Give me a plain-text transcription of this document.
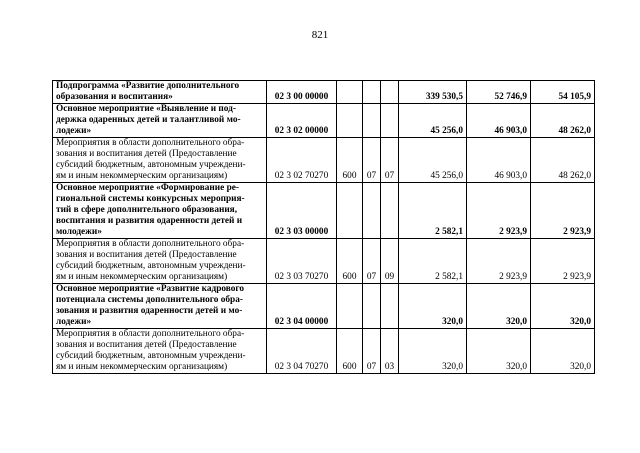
821
Подпрограмма «Развитие дополнительного
образования и воспитания»	02 3 00 00000				339 530,5	52 746,9	54 105,9

Основное мероприятие «Выявление и под-
держка одаренных детей и талантливой мо-
лодежи»	02 3 02 00000				45 256,0	46 903,0	48 262,0

Мероприятия в области дополнительного обра-
зования и воспитания детей (Предоставление
субсидий бюджетным, автономным учреждени-
ям и иным некоммерческим организациям)	02 3 02 70270	600	07	07	45 256,0	46 903,0	48 262,0

Основное мероприятие «Формирование ре-
гиональной системы конкурсных мероприя-
тий в сфере дополнительного образования,
воспитания и развития одаренности детей и
молодежи»	02 3 03 00000				2 582,1	2 923,9	2 923,9

Мероприятия в области дополнительного обра-
зования и воспитания детей (Предоставление
субсидий бюджетным, автономным учреждени-
ям и иным некоммерческим организациям)	02 3 03 70270	600	07	09	2 582,1	2 923,9	2 923,9

Основное мероприятие «Развитие кадрового
потенциала системы дополнительного обра-
зования и развития одаренности детей и мо-
лодежи»	02 3 04 00000				320,0	320,0	320,0

Мероприятия в области дополнительного обра-
зования и воспитания детей (Предоставление
субсидий бюджетным, автономным учреждени-
ям и иным некоммерческим организациям)	02 3 04 70270	600	07	03	320,0	320,0	320,0
